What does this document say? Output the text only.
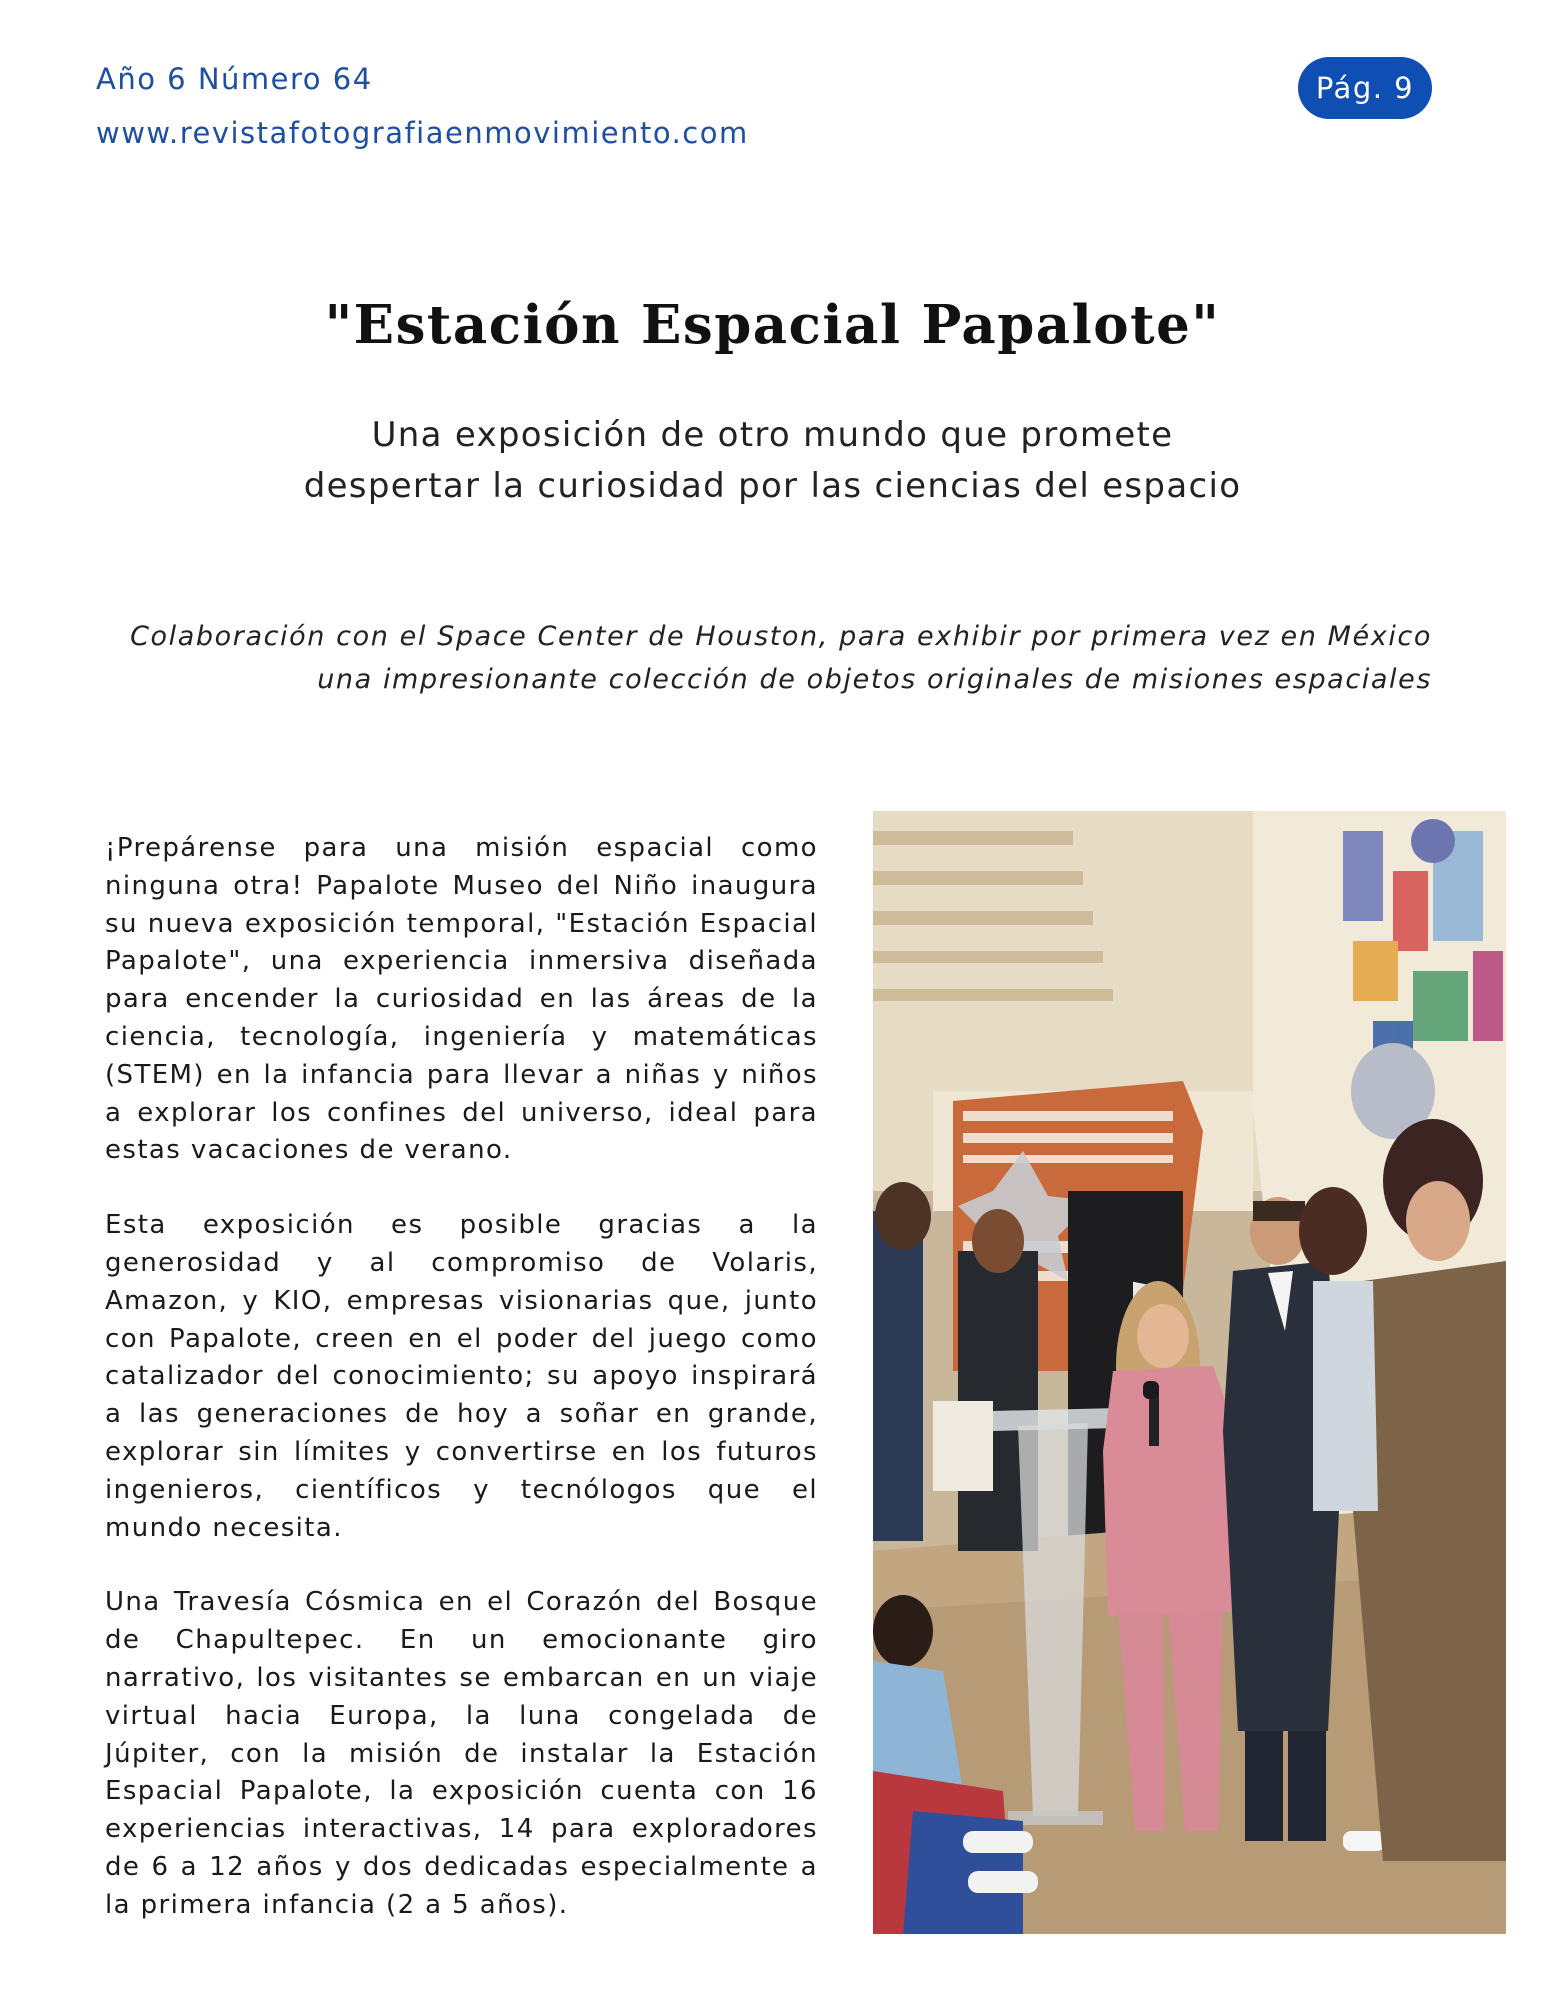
Año 6 Número 64
www.revistafotografiaenmovimiento.com
Pág. 9
"Estación Espacial Papalote"
Una exposición de otro mundo que promete
despertar la curiosidad por las ciencias del espacio
Colaboración con el Space Center de Houston, para exhibir por primera vez en México
una impresionante colección de objetos originales de misiones espaciales

¡Prepárense para una misión espacial como ninguna otra! Papalote Museo del Niño inaugura su nueva exposición temporal, "Estación Espacial Papalote", una experiencia inmersiva diseñada para encender la curiosidad en las áreas de la ciencia, tecnología, ingeniería y matemáticas (STEM) en la infancia para llevar a niñas y niños a explorar los confines del universo, ideal para estas vacaciones de verano.

Esta exposición es posible gracias a la generosidad y al compromiso de Volaris, Amazon, y KIO, empresas visionarias que, junto con Papalote, creen en el poder del juego como catalizador del conocimiento; su apoyo inspirará a las generaciones de hoy a soñar en grande, explorar sin límites y convertirse en los futuros ingenieros, científicos y tecnólogos que el mundo necesita.

Una Travesía Cósmica en el Corazón del Bosque de Chapultepec. En un emocionante giro narrativo, los visitantes se embarcan en un viaje virtual hacia Europa, la luna congelada de Júpiter, con la misión de instalar la Estación Espacial Papalote, la exposición cuenta con 16 experiencias interactivas, 14 para exploradores de 6 a 12 años y dos dedicadas especialmente a la primera infancia (2 a 5 años).
